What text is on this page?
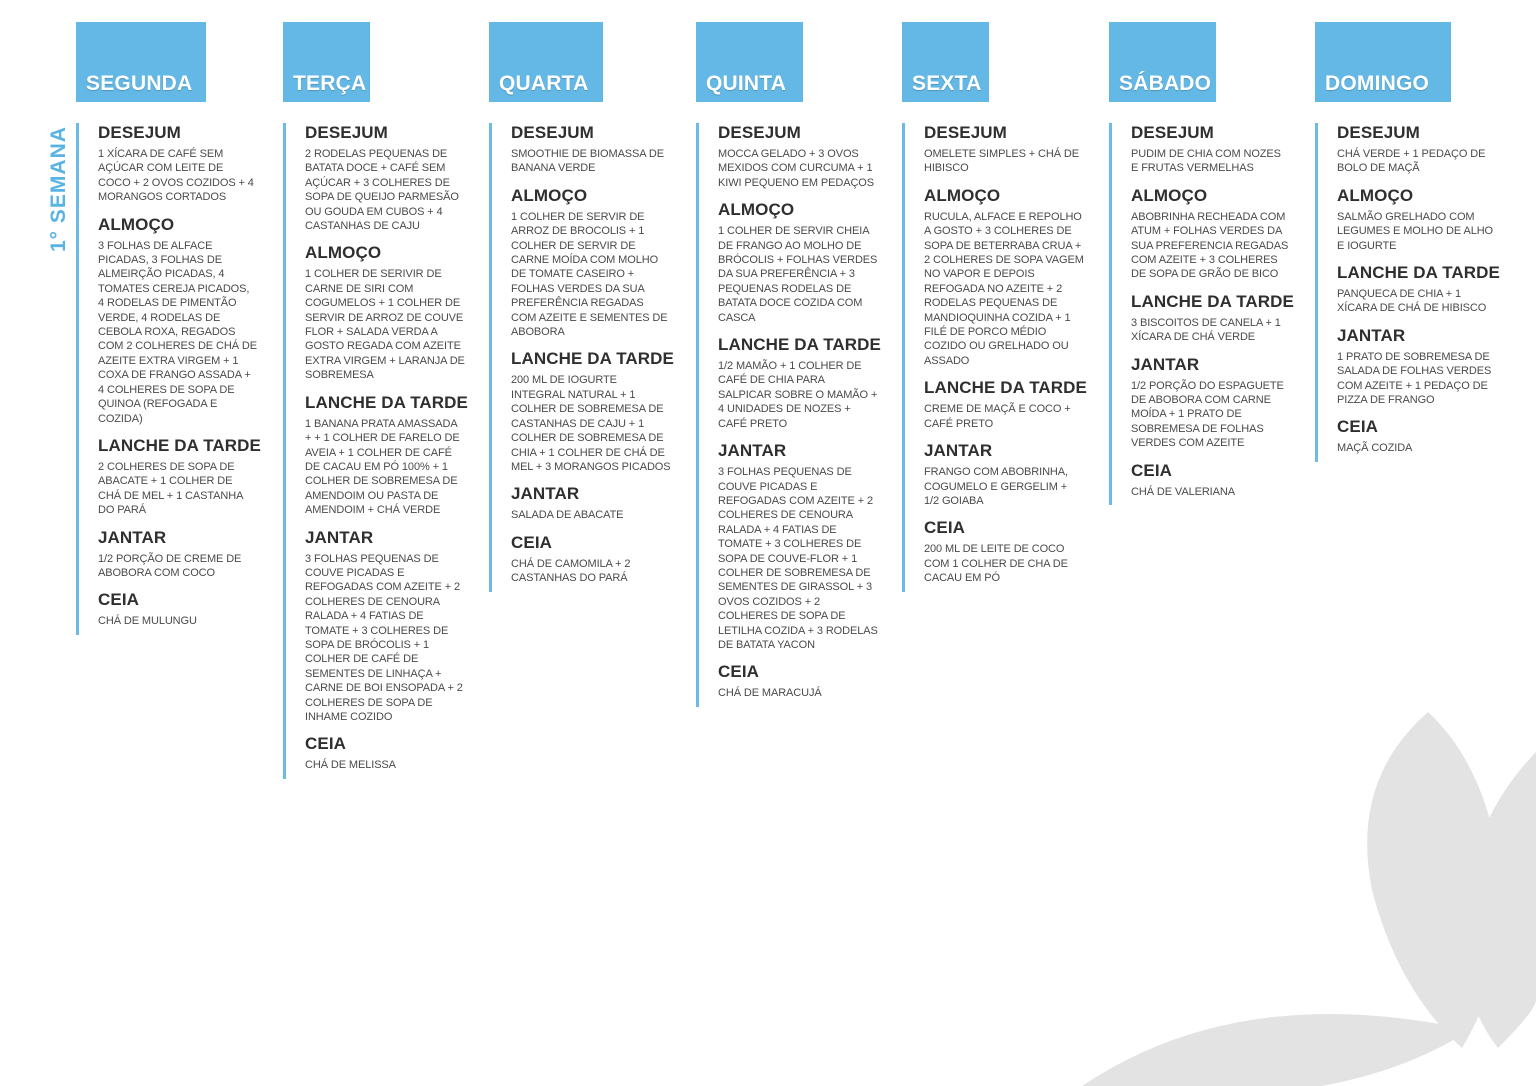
1° SEMANA
SEGUNDA
DESEJUM
1 XÍCARA DE CAFÉ SEM AÇÚCAR COM LEITE DE COCO + 2 OVOS COZIDOS + 4 MORANGOS CORTADOS
ALMOÇO
3 FOLHAS DE ALFACE PICADAS, 3 FOLHAS DE ALMEIRÇÃO PICADAS, 4 TOMATES CEREJA PICADOS, 4 RODELAS DE PIMENTÃO VERDE, 4 RODELAS DE CEBOLA ROXA, REGADOS COM 2 COLHERES DE CHÁ DE AZEITE EXTRA VIRGEM + 1 COXA DE FRANGO ASSADA + 4 COLHERES DE SOPA DE QUINOA (REFOGADA E COZIDA)
LANCHE DA TARDE
2 COLHERES DE SOPA DE ABACATE + 1 COLHER DE CHÁ DE MEL + 1 CASTANHA DO PARÁ
JANTAR
1/2 PORÇÃO DE CREME DE ABOBORA COM COCO
CEIA
CHÁ DE MULUNGU
TERÇA
DESEJUM
2 RODELAS PEQUENAS DE BATATA DOCE + CAFÉ SEM AÇÚCAR + 3 COLHERES DE SOPA DE QUEIJO PARMESÃO OU GOUDA EM CUBOS + 4 CASTANHAS DE CAJU
ALMOÇO
1 COLHER DE SERIVIR DE CARNE DE SIRI COM COGUMELOS + 1 COLHER DE SERVIR DE ARROZ DE COUVE FLOR + SALADA VERDA A GOSTO REGADA COM AZEITE EXTRA VIRGEM + LARANJA DE SOBREMESA
LANCHE DA TARDE
1 BANANA PRATA AMASSADA + + 1 COLHER DE FARELO DE AVEIA + 1 COLHER DE CAFÉ DE CACAU EM PÓ 100% + 1 COLHER DE SOBREMESA DE AMENDOIM OU PASTA DE AMENDOIM + CHÁ VERDE
JANTAR
3 FOLHAS PEQUENAS DE COUVE PICADAS E REFOGADAS COM AZEITE + 2 COLHERES DE CENOURA RALADA + 4 FATIAS DE TOMATE + 3 COLHERES DE SOPA DE BRÓCOLIS + 1 COLHER DE CAFÉ DE SEMENTES DE LINHAÇA + CARNE DE BOI ENSOPADA + 2 COLHERES DE SOPA DE INHAME COZIDO
CEIA
CHÁ DE MELISSA
QUARTA
DESEJUM
SMOOTHIE DE BIOMASSA DE BANANA VERDE
ALMOÇO
1 COLHER DE SERVIR DE ARROZ DE BROCOLIS + 1 COLHER DE SERVIR DE CARNE MOÍDA COM MOLHO DE TOMATE CASEIRO + FOLHAS VERDES DA SUA PREFERÊNCIA REGADAS COM AZEITE E SEMENTES DE ABOBORA
LANCHE DA TARDE
200 ML DE IOGURTE INTEGRAL NATURAL + 1 COLHER DE SOBREMESA DE CASTANHAS DE CAJU + 1 COLHER DE SOBREMESA DE CHIA + 1 COLHER DE CHÁ DE MEL + 3 MORANGOS PICADOS
JANTAR
SALADA DE ABACATE
CEIA
CHÁ DE CAMOMILA + 2 CASTANHAS DO PARÁ
QUINTA
DESEJUM
MOCCA GELADO + 3 OVOS MEXIDOS COM CURCUMA + 1 KIWI PEQUENO EM PEDAÇOS
ALMOÇO
1 COLHER DE SERVIR CHEIA DE FRANGO AO MOLHO DE BRÓCOLIS + FOLHAS VERDES DA SUA PREFERÊNCIA + 3 PEQUENAS RODELAS DE BATATA DOCE COZIDA COM CASCA
LANCHE DA TARDE
1/2 MAMÃO + 1 COLHER DE CAFÉ DE CHIA PARA SALPICAR SOBRE O MAMÃO + 4 UNIDADES DE NOZES + CAFÉ PRETO
JANTAR
3 FOLHAS PEQUENAS DE COUVE PICADAS E REFOGADAS COM AZEITE + 2 COLHERES DE CENOURA RALADA + 4 FATIAS DE TOMATE + 3 COLHERES DE SOPA DE COUVE-FLOR + 1 COLHER DE SOBREMESA DE SEMENTES DE GIRASSOL + 3 OVOS COZIDOS + 2 COLHERES DE SOPA DE LETILHA COZIDA + 3 RODELAS DE BATATA YACON
CEIA
CHÁ DE MARACUJÁ
SEXTA
DESEJUM
OMELETE SIMPLES + CHÁ DE HIBISCO
ALMOÇO
RUCULA, ALFACE E REPOLHO A GOSTO + 3 COLHERES DE SOPA DE BETERRABA CRUA + 2 COLHERES DE SOPA VAGEM NO VAPOR E DEPOIS REFOGADA NO AZEITE + 2 RODELAS PEQUENAS DE MANDIOQUINHA COZIDA + 1 FILÉ DE PORCO MÉDIO COZIDO OU GRELHADO OU ASSADO
LANCHE DA TARDE
CREME DE MAÇÃ E COCO + CAFÉ PRETO
JANTAR
FRANGO COM ABOBRINHA, COGUMELO E GERGELIM + 1/2 GOIABA
CEIA
200 ML DE LEITE DE COCO COM 1 COLHER DE CHA DE CACAU EM PÓ
SÁBADO
DESEJUM
PUDIM DE CHIA COM NOZES E FRUTAS VERMELHAS
ALMOÇO
ABOBRINHA RECHEADA COM ATUM + FOLHAS VERDES DA SUA PREFERENCIA REGADAS COM AZEITE + 3 COLHERES DE SOPA DE GRÃO DE BICO
LANCHE DA TARDE
3 BISCOITOS DE CANELA + 1 XÍCARA DE CHÁ VERDE
JANTAR
1/2 PORÇÃO DO ESPAGUETE DE ABOBORA COM CARNE MOÍDA + 1 PRATO DE SOBREMESA DE FOLHAS VERDES COM AZEITE
CEIA
CHÁ DE VALERIANA
DOMINGO
DESEJUM
CHÁ VERDE + 1 PEDAÇO DE BOLO DE MAÇÃ
ALMOÇO
SALMÃO GRELHADO COM LEGUMES E MOLHO DE ALHO E IOGURTE
LANCHE DA TARDE
PANQUECA DE CHIA + 1 XÍCARA DE CHÁ DE HIBISCO
JANTAR
1 PRATO DE SOBREMESA DE SALADA DE FOLHAS VERDES COM AZEITE + 1 PEDAÇO DE PIZZA DE FRANGO
CEIA
MAÇÃ COZIDA
